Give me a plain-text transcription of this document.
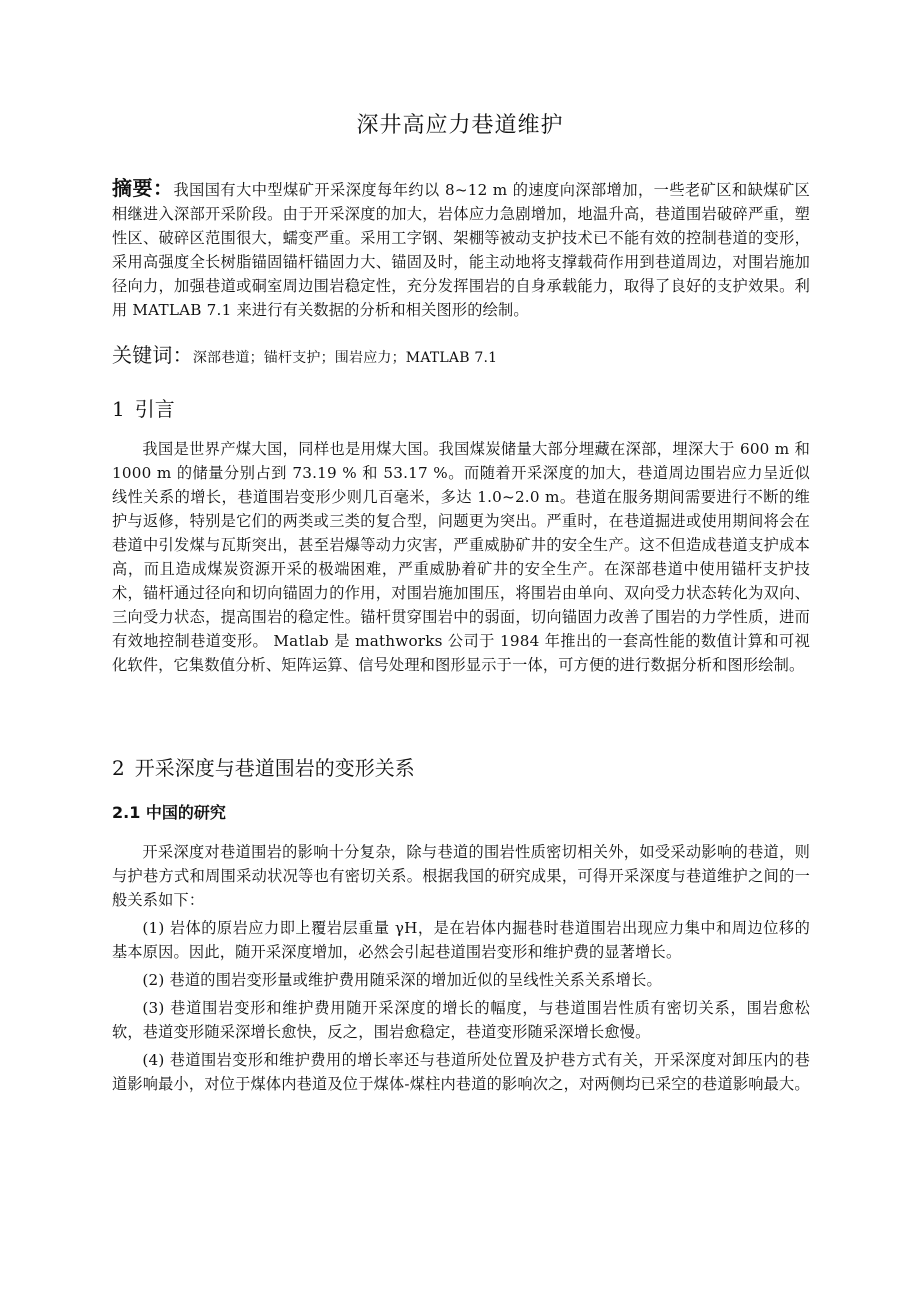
深井高应力巷道维护
摘要：我国国有大中型煤矿开采深度每年约以 8~12 m 的速度向深部增加，一些老矿区和缺煤矿区相继进入深部开采阶段。由于开采深度的加大，岩体应力急剧增加，地温升高，巷道围岩破碎严重，塑性区、破碎区范围很大，蠕变严重。采用工字钢、架棚等被动支护技术已不能有效的控制巷道的变形，采用高强度全长树脂锚固锚杆锚固力大、锚固及时，能主动地将支撑载荷作用到巷道周边，对围岩施加径向力，加强巷道或硐室周边围岩稳定性，充分发挥围岩的自身承载能力，取得了良好的支护效果。利用 MATLAB 7.1 来进行有关数据的分析和相关图形的绘制。
关键词：深部巷道；锚杆支护；围岩应力；MATLAB 7.1
1 引言
我国是世界产煤大国，同样也是用煤大国。我国煤炭储量大部分埋藏在深部，埋深大于 600 m 和 1000 m 的储量分别占到 73.19 % 和 53.17 %。而随着开采深度的加大，巷道周边围岩应力呈近似线性关系的增长，巷道围岩变形少则几百毫米，多达 1.0~2.0 m。巷道在服务期间需要进行不断的维护与返修，特别是它们的两类或三类的复合型，问题更为突出。严重时，在巷道掘进或使用期间将会在巷道中引发煤与瓦斯突出，甚至岩爆等动力灾害，严重威胁矿井的安全生产。这不但造成巷道支护成本高，而且造成煤炭资源开采的极端困难，严重威胁着矿井的安全生产。在深部巷道中使用锚杆支护技术，锚杆通过径向和切向锚固力的作用，对围岩施加围压，将围岩由单向、双向受力状态转化为双向、三向受力状态，提高围岩的稳定性。锚杆贯穿围岩中的弱面，切向锚固力改善了围岩的力学性质，进而有效地控制巷道变形。 Matlab 是 mathworks 公司于 1984 年推出的一套高性能的数值计算和可视化软件，它集数值分析、矩阵运算、信号处理和图形显示于一体，可方便的进行数据分析和图形绘制。
2 开采深度与巷道围岩的变形关系
2.1 中国的研究

开采深度对巷道围岩的影响十分复杂，除与巷道的围岩性质密切相关外，如受采动影响的巷道，则与护巷方式和周围采动状况等也有密切关系。根据我国的研究成果，可得开采深度与巷道维护之间的一般关系如下：

(1) 岩体的原岩应力即上覆岩层重量 γH，是在岩体内掘巷时巷道围岩出现应力集中和周边位移的基本原因。因此，随开采深度增加，必然会引起巷道围岩变形和维护费的显著增长。

(2) 巷道的围岩变形量或维护费用随采深的增加近似的呈线性关系关系增长。

(3) 巷道围岩变形和维护费用随开采深度的增长的幅度，与巷道围岩性质有密切关系，围岩愈松软，巷道变形随采深增长愈快，反之，围岩愈稳定，巷道变形随采深增长愈慢。

(4) 巷道围岩变形和维护费用的增长率还与巷道所处位置及护巷方式有关，开采深度对卸压内的巷道影响最小，对位于煤体内巷道及位于煤体-煤柱内巷道的影响次之，对两侧均已采空的巷道影响最大。
